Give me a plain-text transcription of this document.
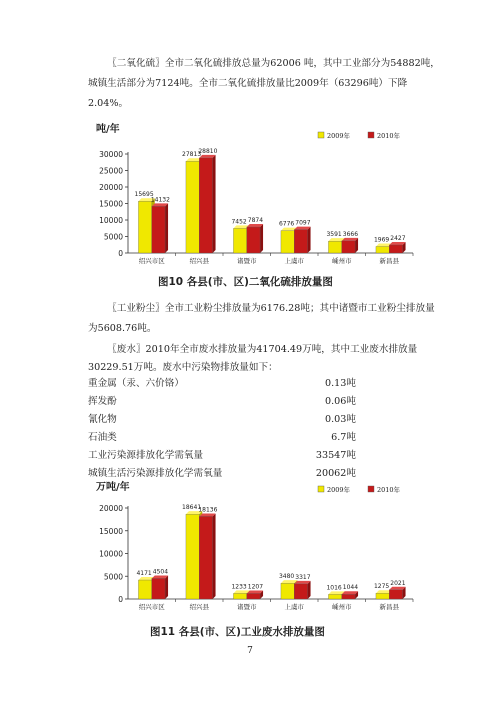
〖二氧化硫〗全市二氧化硫排放总量为62006 吨，其中工业部分为54882吨，城镇生活部分为7124吨。全市二氧化硫排放量比2009年（63296吨）下降2.04%。

吨/年
0
5000
10000
15000
20000
25000
30000
2009年	2010年
15695
14132
绍兴市区
27813
28810
绍兴县
7452 7874
诸暨市
6776 7097
上虞市
3591 3666
嵊州市
1969 2427
新昌县
图10 各县(市、区)二氧化硫排放量图

〖工业粉尘〗全市工业粉尘排放量为6176.28吨；其中诸暨市工业粉尘排放量为5608.76吨。

〖废水〗2010年全市废水排放量为41704.49万吨，其中工业废水排放量30229.51万吨。废水中污染物排放量如下：

重金属（汞、六价铬）	0.13吨
挥发酚	0.06吨
氰化物	0.03吨
石油类	6.7吨
工业污染源排放化学需氧量	33547吨
城镇生活污染源排放化学需氧量	20062吨
万吨/年
0
5000
10000
15000
20000
2009年	2010年
4171 4504
绍兴市区
18641
18136
绍兴县
1233 1207
诸暨市
3480 3317
上虞市
1016 1044
嵊州市
1275 2021
新昌县
图11 各县(市、区)工业废水排放量图
7
